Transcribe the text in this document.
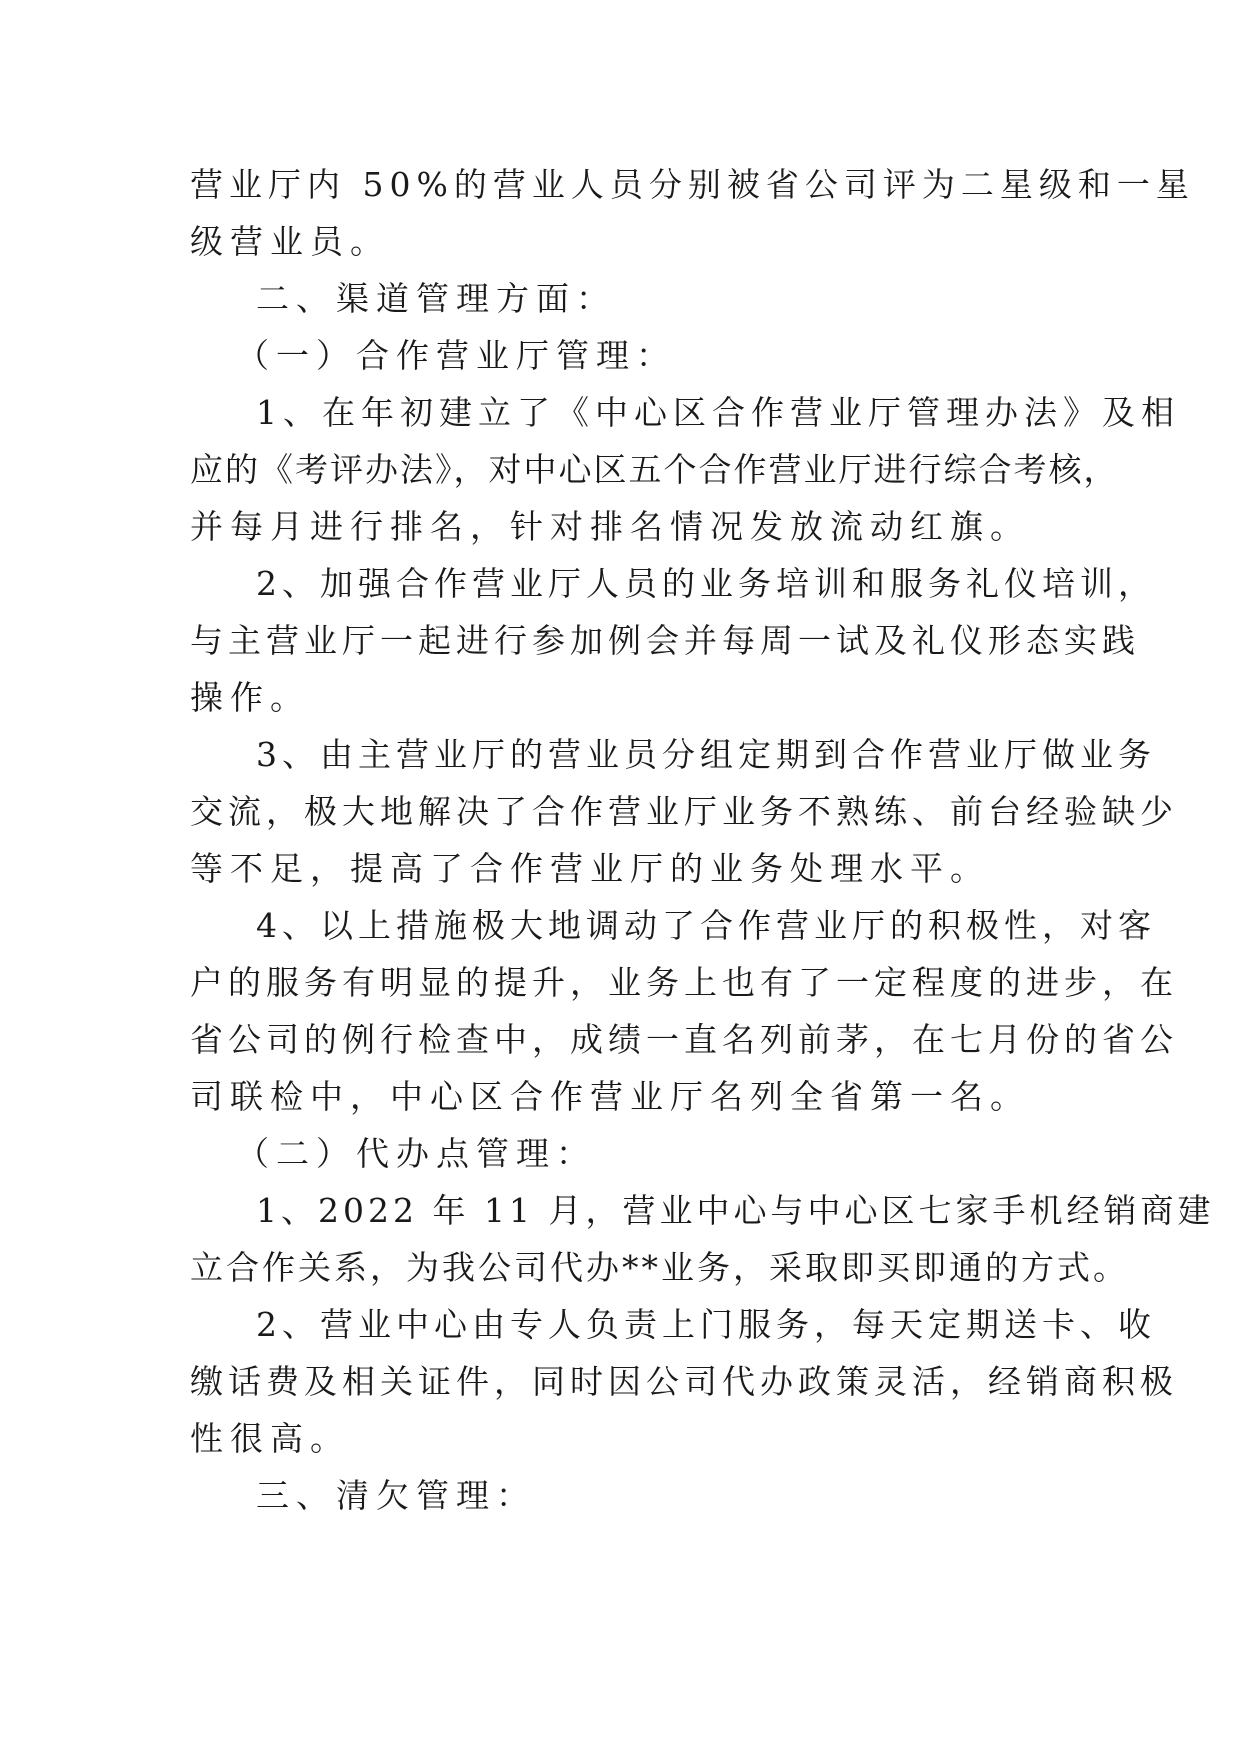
营业厅内 50%的营业人员分别被省公司评为二星级和一星
级营业员。
二、渠道管理方面：
（一）合作营业厅管理：
1、在年初建立了《中心区合作营业厅管理办法》及相
应的《考评办法》，对中心区五个合作营业厅进行综合考核，
并每月进行排名，针对排名情况发放流动红旗。
2、加强合作营业厅人员的业务培训和服务礼仪培训，
与主营业厅一起进行参加例会并每周一试及礼仪形态实践
操作。
3、由主营业厅的营业员分组定期到合作营业厅做业务
交流，极大地解决了合作营业厅业务不熟练、前台经验缺少
等不足，提高了合作营业厅的业务处理水平。
4、以上措施极大地调动了合作营业厅的积极性，对客
户的服务有明显的提升，业务上也有了一定程度的进步，在
省公司的例行检查中，成绩一直名列前茅，在七月份的省公
司联检中，中心区合作营业厅名列全省第一名。
（二）代办点管理：
1、2022 年 11 月，营业中心与中心区七家手机经销商建
立合作关系，为我公司代办**业务，采取即买即通的方式。
2、营业中心由专人负责上门服务，每天定期送卡、收
缴话费及相关证件，同时因公司代办政策灵活，经销商积极
性很高。
三、清欠管理：
